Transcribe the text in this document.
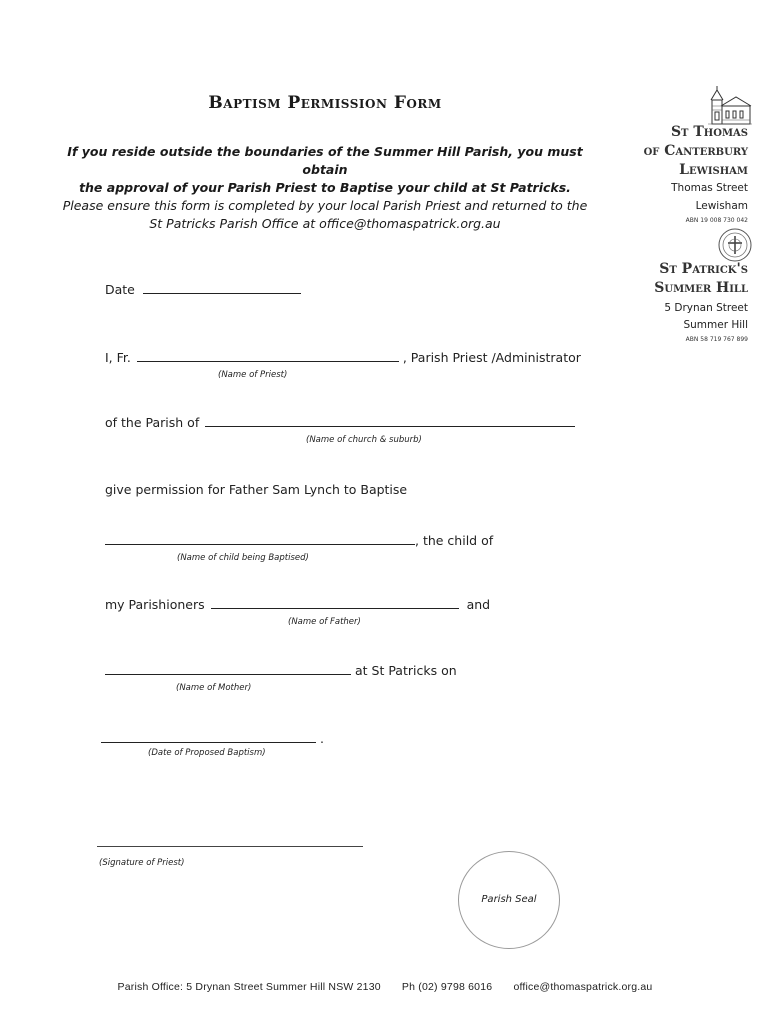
Baptism Permission Form
If you reside outside the boundaries of the Summer Hill Parish, you must obtain
the approval of your Parish Priest to Baptise your child at St Patricks.
Please ensure this form is completed by your local Parish Priest and returned to the
St Patricks Parish Office at office@thomaspatrick.org.au
St Thomas
of Canterbury
Lewisham
Thomas Street
Lewisham
ABN 19 008 730 042
St Patrick's
Summer Hill
5 Drynan Street
Summer Hill
ABN 58 719 767 899
Date
I, Fr.	, Parish Priest /Administrator
(Name of Priest)
of the Parish of
(Name of church & suburb)
give permission for Father Sam Lynch to Baptise
, the child of
(Name of child being Baptised)
my Parishioners	and
(Name of Father)
at St Patricks on
(Name of Mother)
.
(Date of Proposed Baptism)
(Signature of Priest)
Parish Seal
Parish Office: 5 Drynan Street Summer Hill NSW 2130 Ph (02) 9798 6016 office@thomaspatrick.org.au
